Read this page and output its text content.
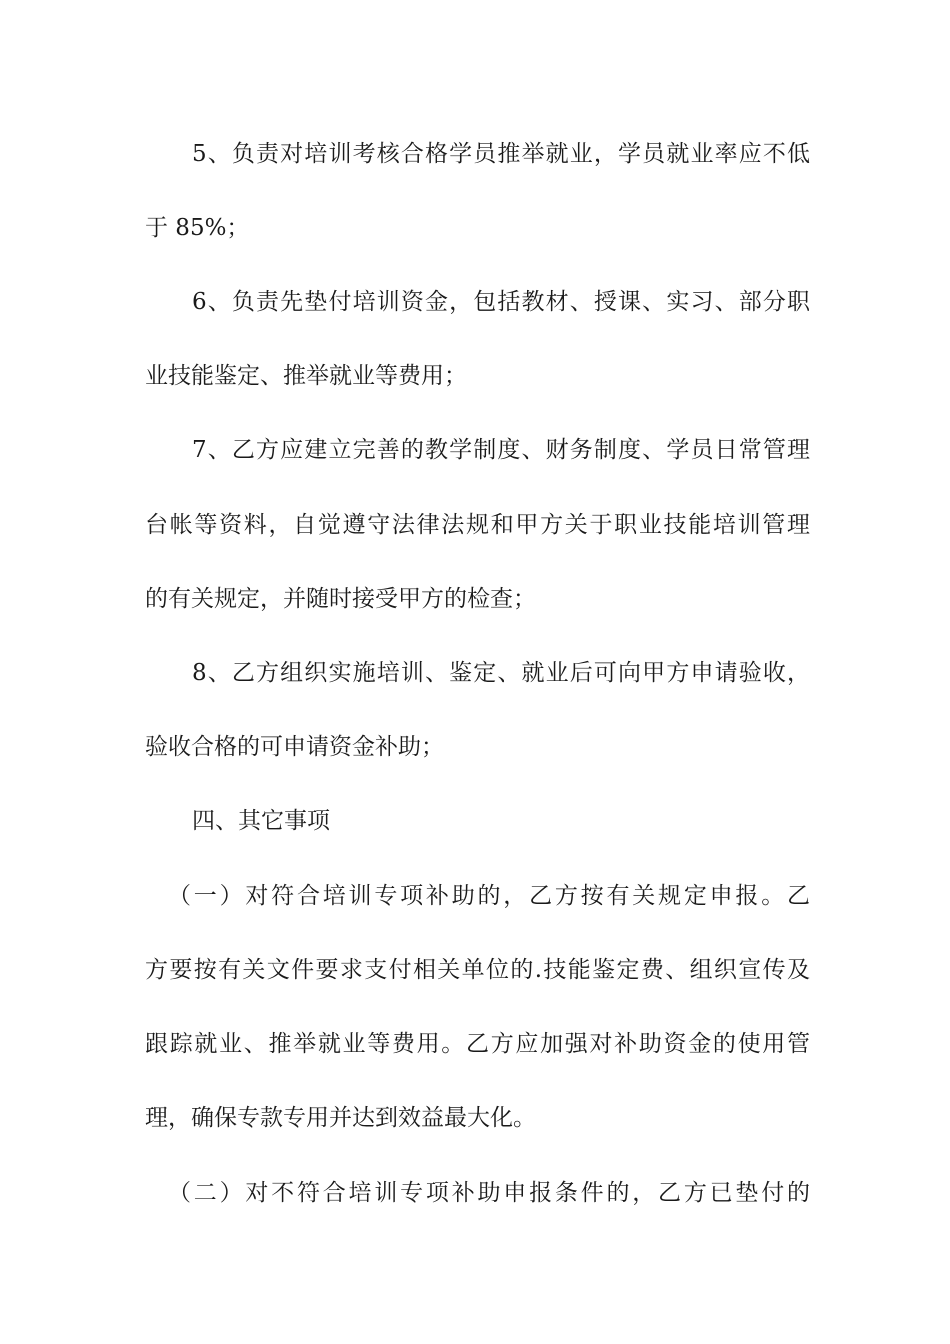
5、负责对培训考核合格学员推举就业，学员就业率应不低
于 85%；
6、负责先垫付培训资金，包括教材、授课、实习、部分职
业技能鉴定、推举就业等费用；
7、乙方应建立完善的教学制度、财务制度、学员日常管理
台帐等资料，自觉遵守法律法规和甲方关于职业技能培训管理
的有关规定，并随时接受甲方的检查；
8、乙方组织实施培训、鉴定、就业后可向甲方申请验收，
验收合格的可申请资金补助；
四、其它事项
（一）对符合培训专项补助的，乙方按有关规定申报。乙
方要按有关文件要求支付相关单位的.技能鉴定费、组织宣传及
跟踪就业、推举就业等费用。乙方应加强对补助资金的使用管
理，确保专款专用并达到效益最大化。
（二）对不符合培训专项补助申报条件的，乙方已垫付的
